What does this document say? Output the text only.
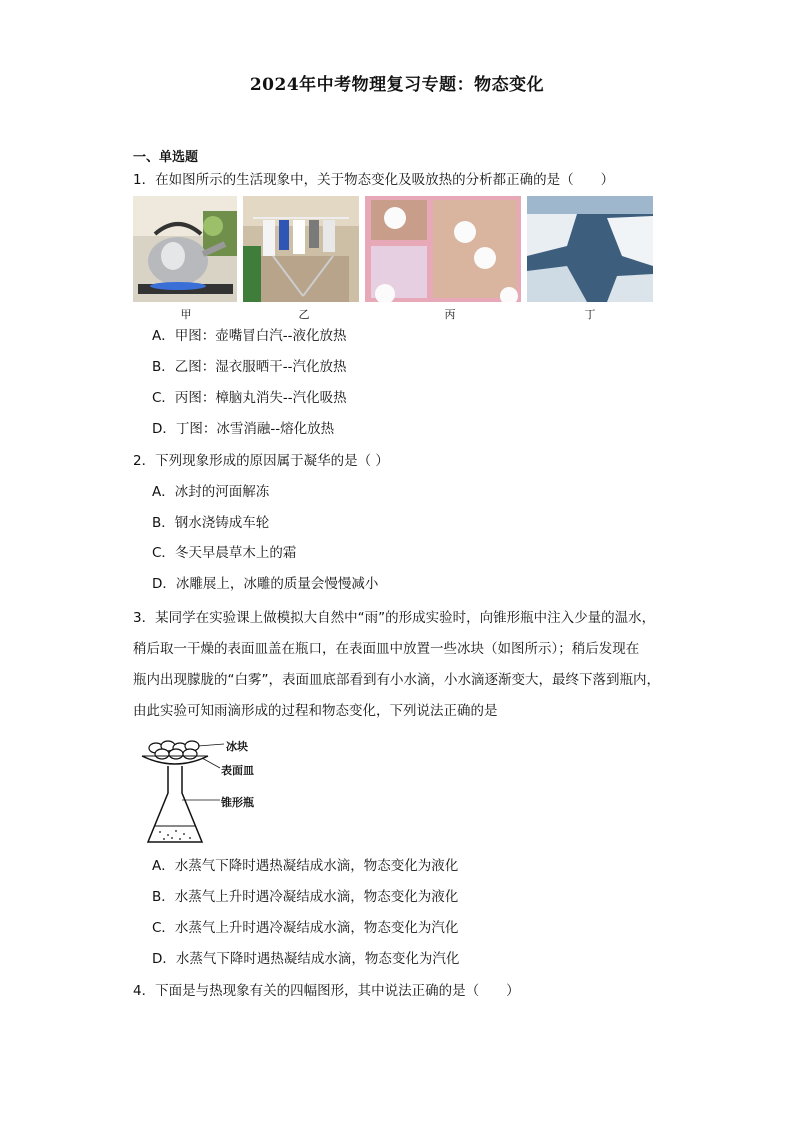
2024年中考物理复习专题：物态变化
一、单选题
1．在如图所示的生活现象中，关于物态变化及吸放热的分析都正确的是（　　）
甲	乙	丙	丁
A．甲图：壶嘴冒白汽--液化放热
B．乙图：湿衣服晒干--汽化放热
C．丙图：樟脑丸消失--汽化吸热
D．丁图：冰雪消融--熔化放热
2．下列现象形成的原因属于凝华的是（ ）
A．冰封的河面解冻
B．钢水浇铸成车轮
C．冬天早晨草木上的霜
D．冰雕展上，冰雕的质量会慢慢减小
3．某同学在实验课上做模拟大自然中“雨”的形成实验时，向锥形瓶中注入少量的温水，
稍后取一干燥的表面皿盖在瓶口，在表面皿中放置一些冰块（如图所示）；稍后发现在
瓶内出现朦胧的“白雾”，表面皿底部看到有小水滴，小水滴逐渐变大，最终下落到瓶内，
由此实验可知雨滴形成的过程和物态变化，下列说法正确的是
冰块
表面皿
锥形瓶
A．水蒸气下降时遇热凝结成水滴，物态变化为液化
B．水蒸气上升时遇冷凝结成水滴，物态变化为液化
C．水蒸气上升时遇冷凝结成水滴，物态变化为汽化
D．水蒸气下降时遇热凝结成水滴，物态变化为汽化
4．下面是与热现象有关的四幅图形，其中说法正确的是（　　）
